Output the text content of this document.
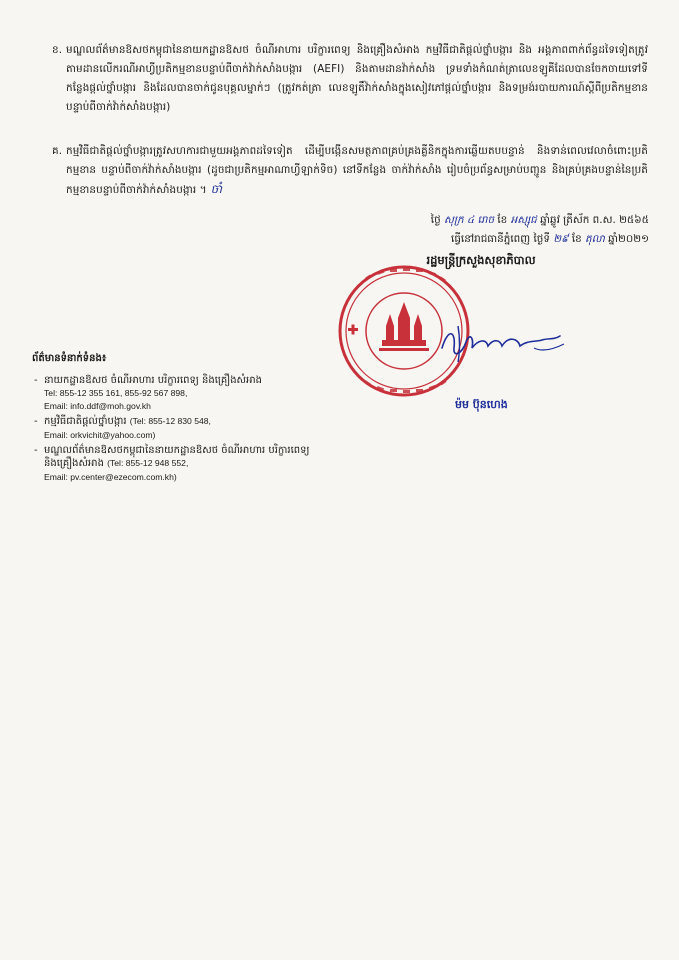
ខ. មណ្ឌលព័ត៌មានឱសថកម្ពុជានៃនាយកដ្ឋានឱសថ ចំណីអាហារ បរិក្ខារពេទ្យ និងគ្រឿងសំអាង កម្មវិធីជាតិផ្តល់ថ្នាំបង្ការ និង អង្គភាពពាក់ព័ន្ធដទៃទៀតត្រូវតាមដានលើករណីអាហ្វីប្រតិកម្មខានបន្ទាប់ពីចាក់វ៉ាក់សាំងបង្ការ (AEFI) និងតាមដានវ៉ាក់សាំង ទ្រមទាំងកំណត់ត្រាលេខឡូគីដែលបានចែកចាយទៅទីកន្លែងផ្តល់ថ្នាំបង្ការ និងដែលបានចាក់ជូនបុគ្គលម្នាក់ៗ (ត្រូវកត់ត្រា លេខឡូតិ៍វ៉ាក់សាំងក្នុងសៀវភៅផ្តល់ថ្នាំបង្ការ និងទម្រង់របាយការណ៍ស្តីពីប្រតិកម្មខាន បន្ទាប់ពីចាក់វ៉ាក់សាំងបង្ការ)

គ. កម្មវិធីជាតិផ្តល់ថ្នាំបង្ការត្រូវសហការជាមួយអង្គភាពដទៃទៀត ដើម្បីបង្កើនសមត្ថភាពគ្រប់គ្រងគ្លីនិកក្នុងការឆ្លើយតបបន្ទាន់ និងទាន់ពេលវេលាចំពោះប្រតិកម្មខាន បន្ទាប់ពីចាក់វ៉ាក់សាំងបង្ការ (ដូចជាប្រតិកម្មអាណាហ្វីឡាក់ទិច) នៅទីកន្លែង ចាក់វ៉ាក់សាំង រៀបចំប្រព័ន្ធសម្រាប់បញ្ជូន និងគ្រប់គ្រងបន្ទាន់នៃប្រតិកម្មខានបន្ទាប់ពីចាក់វ៉ាក់សាំងបង្ការ ។ ចាំ

ថ្ងៃ សុក្រ ៤ រោច ខែ អស្សុជ ឆ្នាំឆ្លូវ ត្រីស័ក ព.ស. ២៥៦៥
ធ្វើនៅរាជធានីភ្នំពេញ ថ្ងៃទី ២៩ ខែ តុលា ឆ្នាំ២០២១
រដ្ឋមន្ត្រីក្រសួងសុខាភិបាល
ម៉ម ប៊ុនហេង
ព័ត៌មានទំនាក់ទំនង៖
- នាយកដ្ឋានឱសថ ចំណីអាហារ បរិក្ខារពេទ្យ និងគ្រឿងសំអាង
Tel: 855-12 355 161, 855-92 567 898,
Email: info.ddf@moh.gov.kh
- កម្មវិធីជាតិផ្តល់ថ្នាំបង្ការ (Tel: 855-12 830 548,
Email: orkvichit@yahoo.com)
- មណ្ឌលព័ត៌មានឱសថកម្ពុជានៃនាយកដ្ឋានឱសថ ចំណីអាហារ បរិក្ខារពេទ្យ
និងគ្រឿងសំអាង (Tel: 855-12 948 552,
Email: pv.center@ezecom.com.kh)
